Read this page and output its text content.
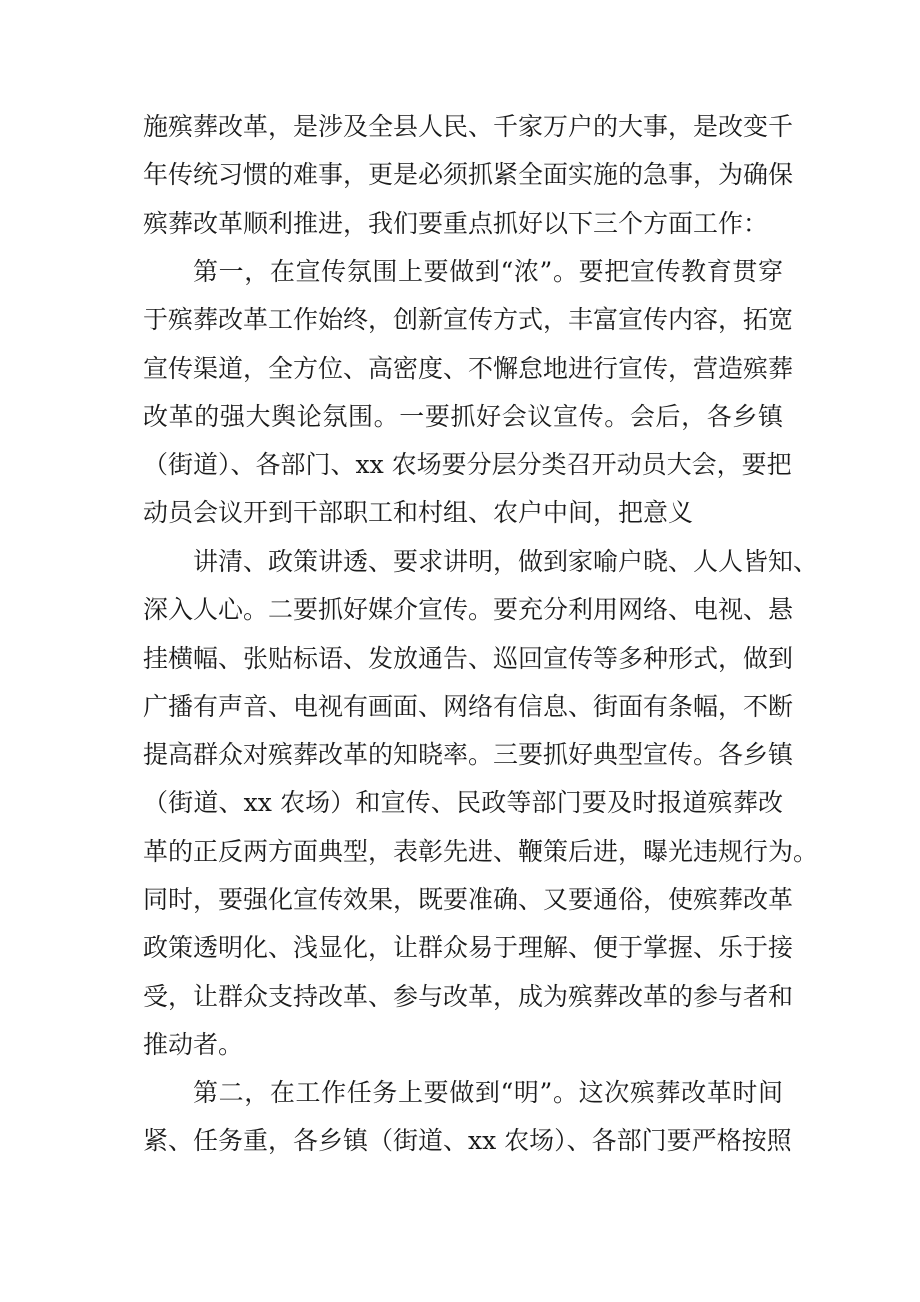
施殡葬改革，是涉及全县人民、千家万户的大事，是改变千
年传统习惯的难事，更是必须抓紧全面实施的急事，为确保
殡葬改革顺利推进，我们要重点抓好以下三个方面工作：
第一，在宣传氛围上要做到“浓”。要把宣传教育贯穿
于殡葬改革工作始终，创新宣传方式，丰富宣传内容，拓宽
宣传渠道，全方位、高密度、不懈怠地进行宣传，营造殡葬
改革的强大舆论氛围。一要抓好会议宣传。会后，各乡镇
（街道）、各部门、xx 农场要分层分类召开动员大会，要把
动员会议开到干部职工和村组、农户中间，把意义
讲清、政策讲透、要求讲明，做到家喻户晓、人人皆知、
深入人心。二要抓好媒介宣传。要充分利用网络、电视、悬
挂横幅、张贴标语、发放通告、巡回宣传等多种形式，做到
广播有声音、电视有画面、网络有信息、街面有条幅，不断
提高群众对殡葬改革的知晓率。三要抓好典型宣传。各乡镇
（街道、xx 农场）和宣传、民政等部门要及时报道殡葬改
革的正反两方面典型，表彰先进、鞭策后进，曝光违规行为。
同时，要强化宣传效果，既要准确、又要通俗，使殡葬改革
政策透明化、浅显化，让群众易于理解、便于掌握、乐于接
受，让群众支持改革、参与改革，成为殡葬改革的参与者和
推动者。
第二，在工作任务上要做到“明”。这次殡葬改革时间
紧、任务重，各乡镇（街道、xx 农场）、各部门要严格按照
